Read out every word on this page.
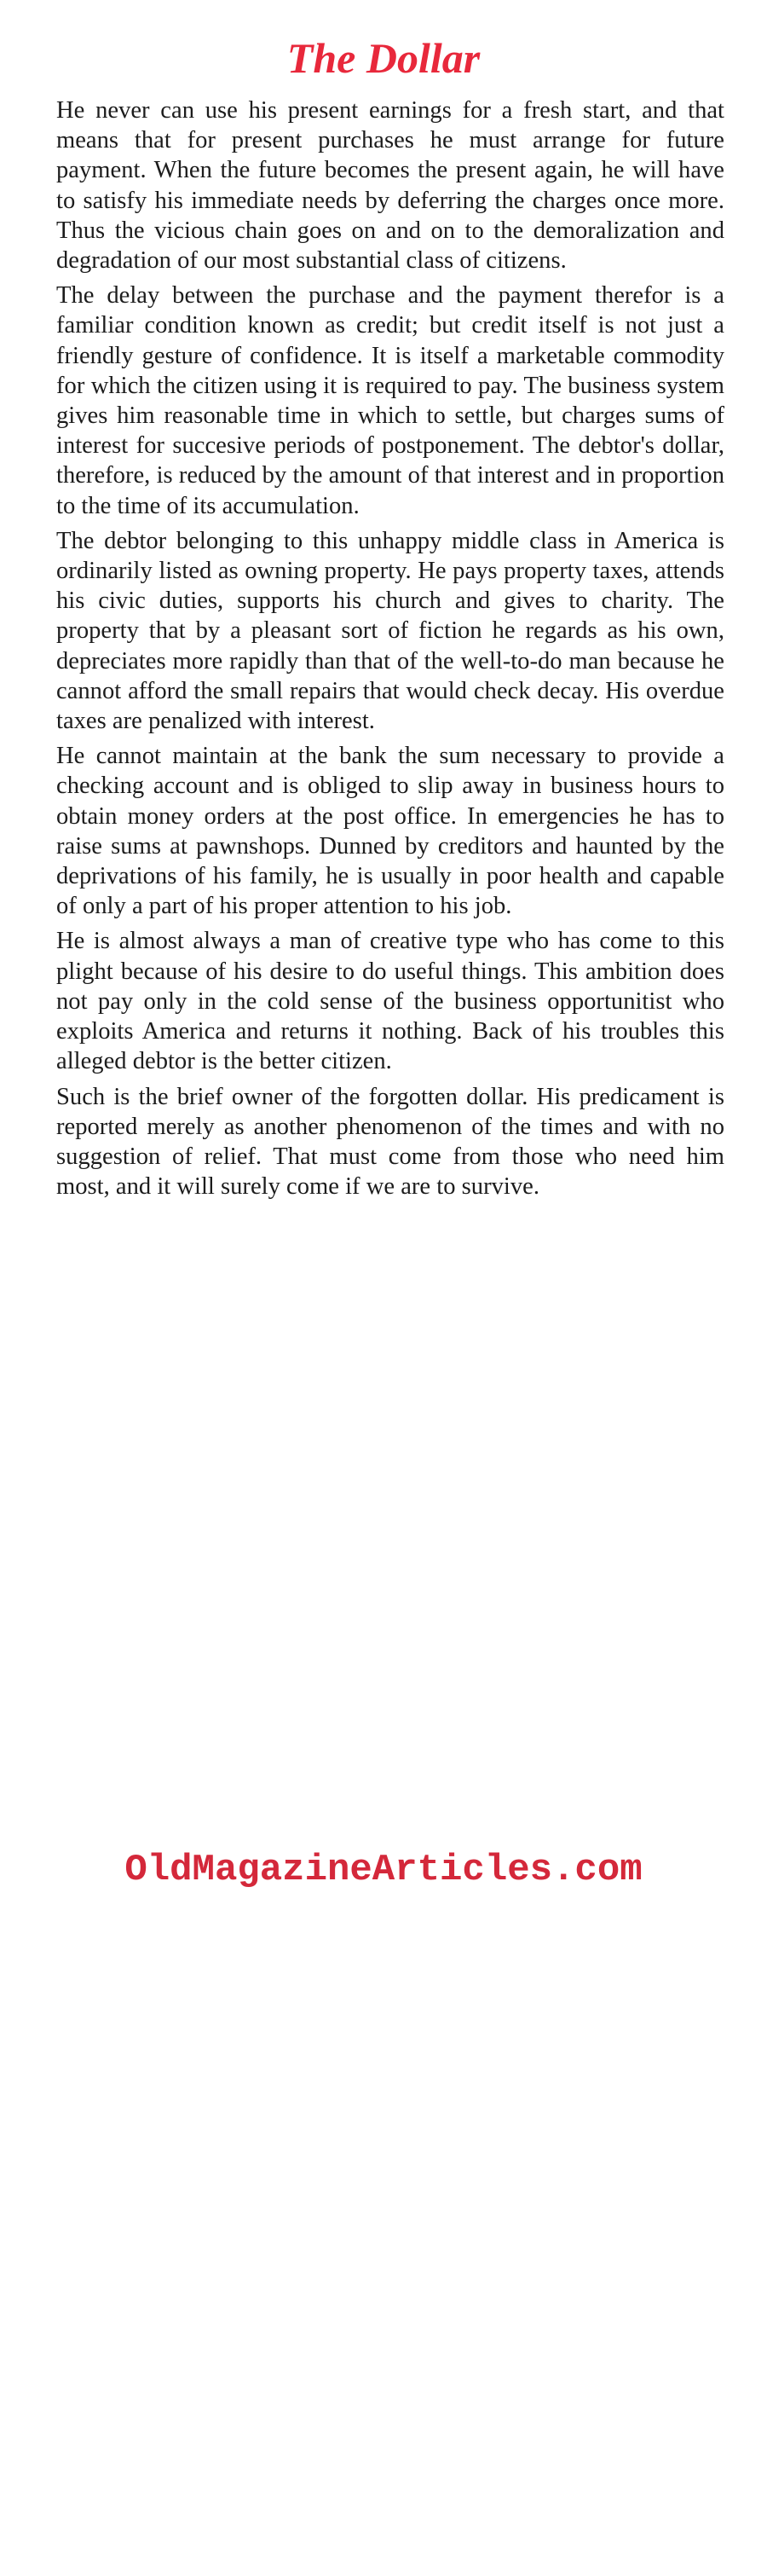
The Dollar

He never can use his present earnings for a fresh start, and that means that for present purchases he must arrange for future payment. When the future becomes the present again, he will have to satisfy his immediate needs by deferring the charges once more. Thus the vicious chain goes on and on to the demoralization and degradation of our most substantial class of citizens.

The delay between the purchase and the payment therefor is a familiar condition known as credit; but credit itself is not just a friendly gesture of confidence. It is itself a marketable commodity for which the citizen using it is required to pay. The business system gives him reasonable time in which to settle, but charges sums of interest for succesive periods of postponement. The debtor's dollar, therefore, is reduced by the amount of that interest and in proportion to the time of its accumulation.

The debtor belonging to this unhappy middle class in America is ordinarily listed as owning property. He pays property taxes, attends his civic duties, supports his church and gives to charity. The property that by a pleasant sort of fiction he regards as his own, depreciates more rapidly than that of the well-to-do man because he cannot afford the small repairs that would check decay. His overdue taxes are penalized with interest.

He cannot maintain at the bank the sum necessary to provide a checking account and is obliged to slip away in business hours to obtain money orders at the post office. In emergencies he has to raise sums at pawnshops. Dunned by creditors and haunted by the deprivations of his family, he is usually in poor health and capable of only a part of his proper attention to his job.

He is almost always a man of creative type who has come to this plight because of his desire to do useful things. This ambition does not pay only in the cold sense of the business opportunitist who exploits America and returns it nothing. Back of his troubles this alleged debtor is the better citizen.

Such is the brief owner of the forgotten dollar. His predicament is reported merely as another phenomenon of the times and with no suggestion of relief. That must come from those who need him most, and it will surely come if we are to survive.

OldMagazineArticles.com
